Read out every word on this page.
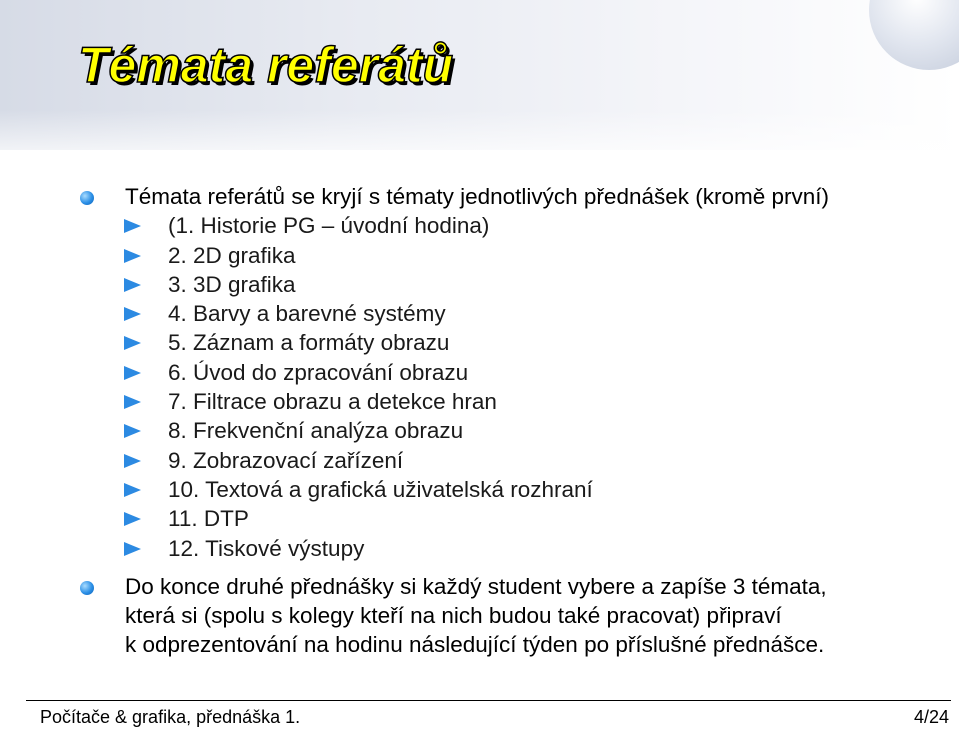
Témata referátů
Témata referátů se kryjí s tématy jednotlivých přednášek (kromě první)
(1. Historie PG – úvodní hodina)
2. 2D grafika
3. 3D grafika
4. Barvy a barevné systémy
5. Záznam a formáty obrazu
6. Úvod do zpracování obrazu
7. Filtrace obrazu a detekce hran
8. Frekvenční analýza obrazu
9. Zobrazovací zařízení
10. Textová a grafická uživatelská rozhraní
11. DTP
12. Tiskové výstupy
Do konce druhé přednášky si každý student vybere a zapíše 3 témata,
která si (spolu s kolegy kteří na nich budou také pracovat) připraví
k odprezentování na hodinu následující týden po příslušné přednášce.
Počítače & grafika, přednáška 1.	4/24
